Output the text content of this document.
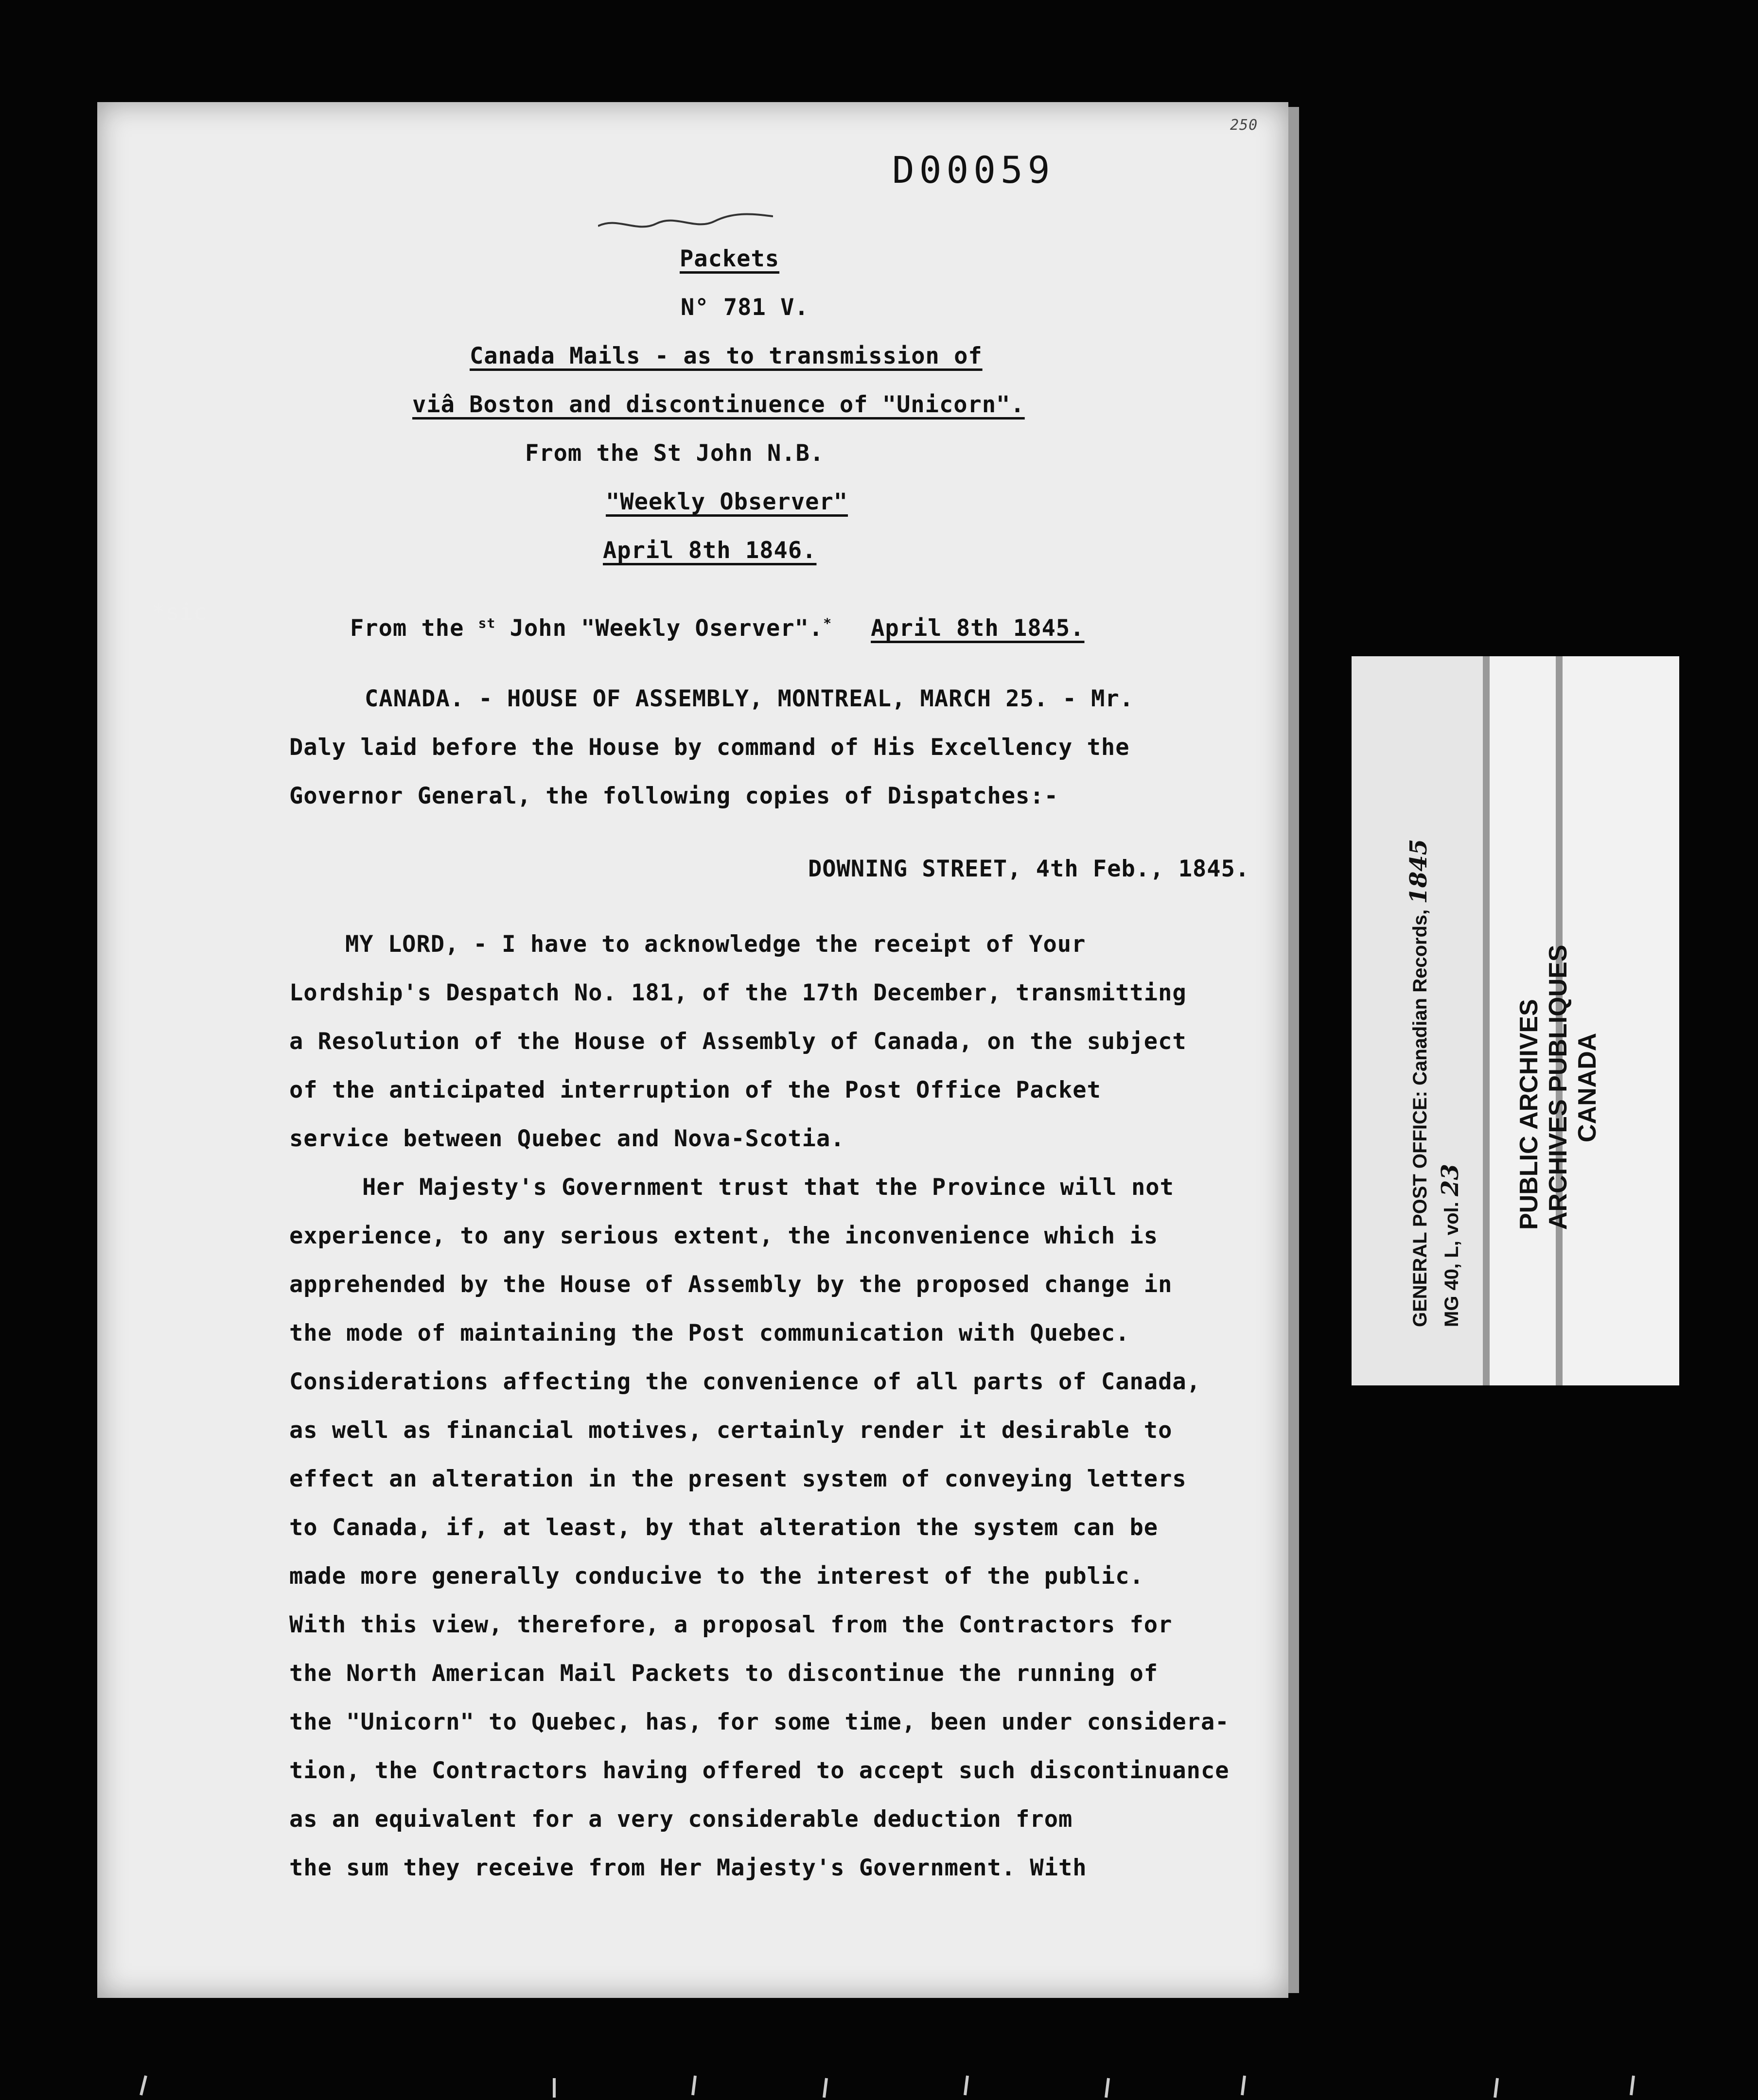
250
D00059
Packets
N° 781 V.
Canada Mails - as to transmission of
viâ Boston and discontinuence of "Unicorn".
From the St John N.B.
"Weekly Observer"
April 8th 1846.
From the $^{st}$ John "Weekly Oserver".* April 8th 1845.
CANADA. - HOUSE OF ASSEMBLY, MONTREAL, MARCH 25. - Mr.
Daly laid before the House by command of His Excellency the
Governor General, the following copies of Dispatches:-
DOWNING STREET, 4th Feb., 1845.
MY LORD, - I have to acknowledge the receipt of Your
Lordship's Despatch No. 181, of the 17th December, transmitting
a Resolution of the House of Assembly of Canada, on the subject
of the anticipated interruption of the Post Office Packet
service between Quebec and Nova-Scotia.
Her Majesty's Government trust that the Province will not
experience, to any serious extent, the inconvenience which is
apprehended by the House of Assembly by the proposed change in
the mode of maintaining the Post communication with Quebec.
Considerations affecting the convenience of all parts of Canada,
as well as financial motives, certainly render it desirable to
effect an alteration in the present system of conveying letters
to Canada, if, at least, by that alteration the system can be
made more generally conducive to the interest of the public.
With this view, therefore, a proposal from the Contractors for
the North American Mail Packets to discontinue the running of
the "Unicorn" to Quebec, has, for some time, been under considera-
tion, the Contractors having offered to accept such discontinuance
as an equivalent for a very considerable deduction from
the sum they receive from Her Majesty's Government. With
*sic
GENERAL POST OFFICE: Canadian Records, 1845
MG 40, L, vol. 23 PUBLIC ARCHIVES ARCHIVES PUBLIQUES CANADA
